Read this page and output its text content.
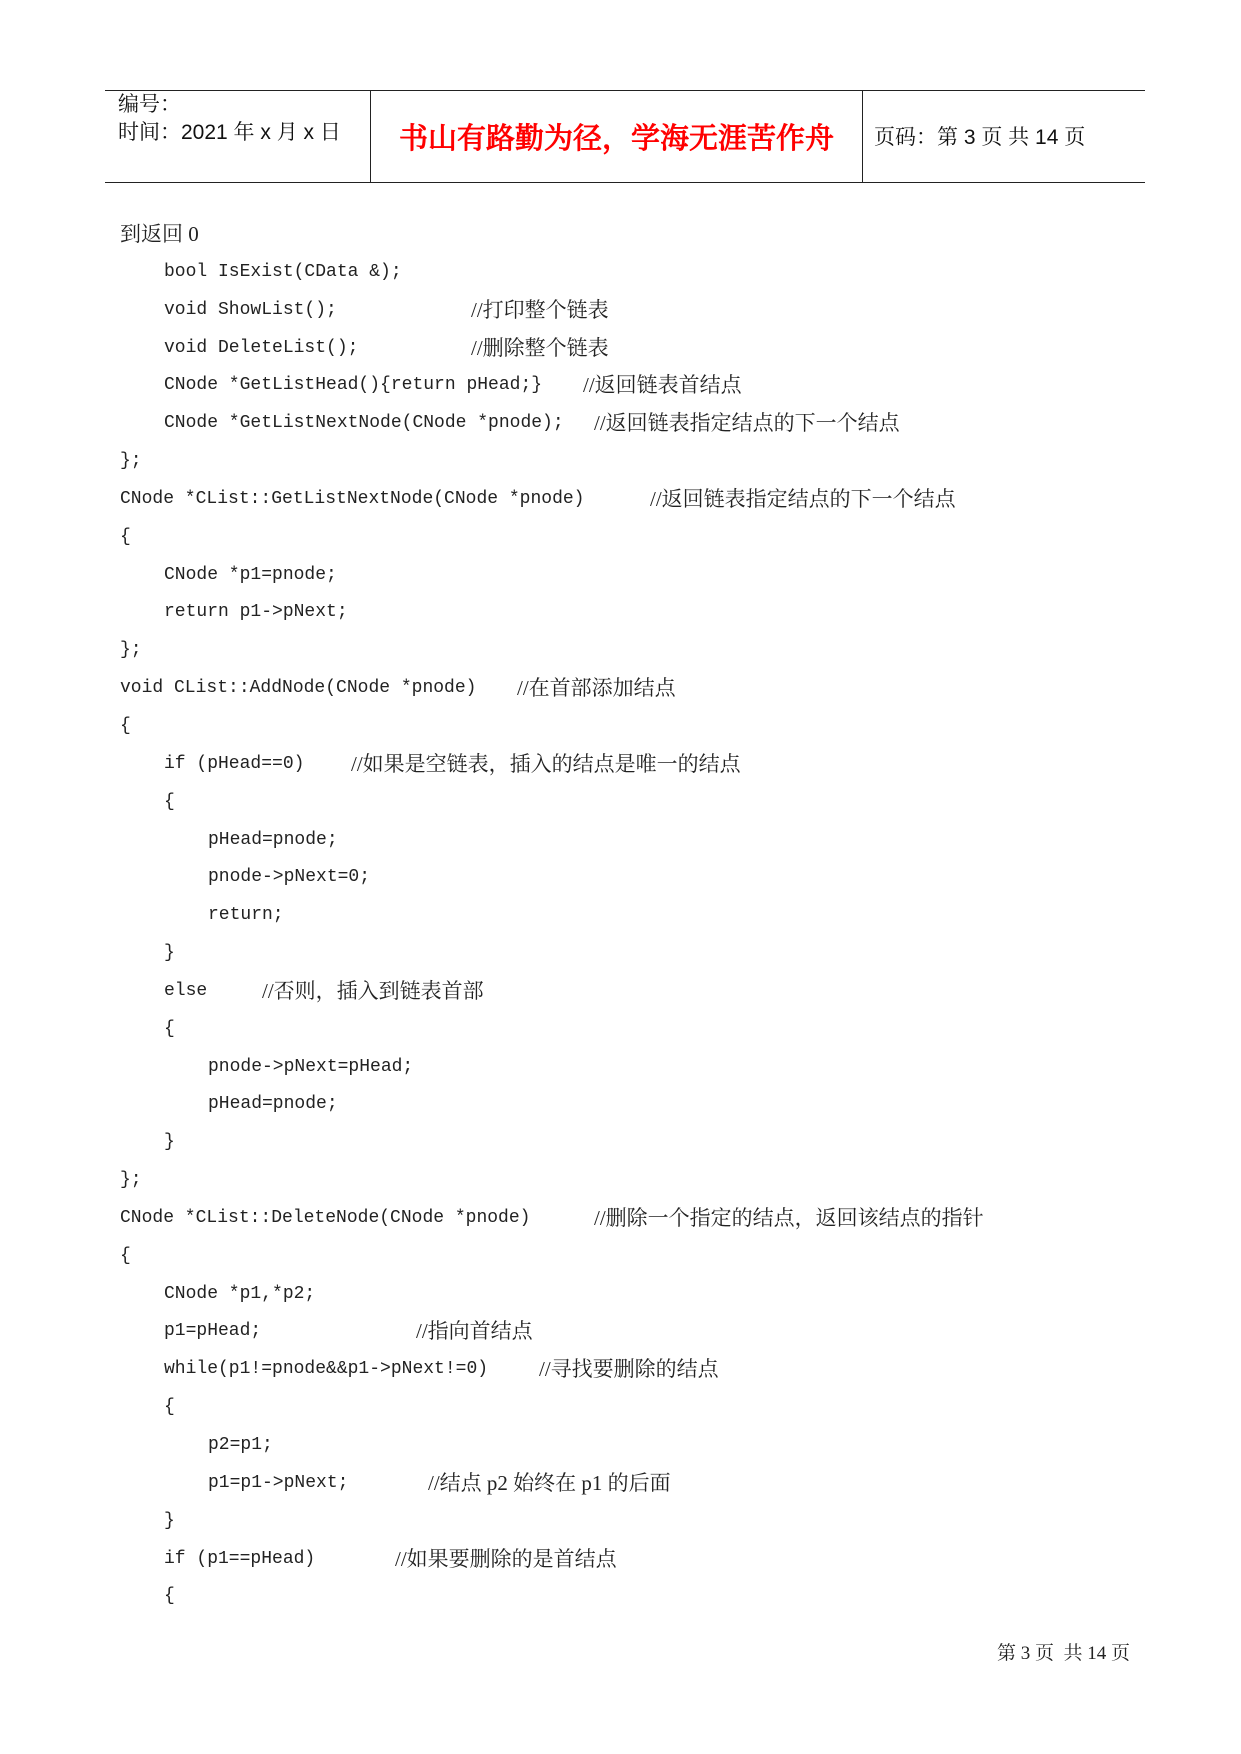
编号：
时间：2021 年 x 月 x 日	书山有路勤为径，学海无涯苦作舟	页码：第 3 页 共 14 页

到返回 0

bool IsExist(CData &);

void ShowList();

	//打印整个链表

void DeleteList();

	//删除整个链表

CNode *GetListHead(){return pHead;}

//返回链表首结点

CNode *GetListNextNode(CNode *pnode);

//返回链表指定结点的下一个结点

};

CNode *CList::GetListNextNode(CNode *pnode)

	//返回链表指定结点的下一个结点

{

CNode *p1=pnode;

return p1->pNext;

};

void CList::AddNode(CNode *pnode)

//在首部添加结点

{

if (pHead==0)

//如果是空链表，插入的结点是唯一的结点

{

pHead=pnode;

pnode->pNext=0;

return;

}

else

	//否则，插入到链表首部

{

pnode->pNext=pHead;

pHead=pnode;

}

};

CNode *CList::DeleteNode(CNode *pnode)

	//删除一个指定的结点，返回该结点的指针

{

CNode *p1,*p2;

p1=pHead;

	//指向首结点

while(p1!=pnode&&p1->pNext!=0)

//寻找要删除的结点

{

p2=p1;

p1=p1->pNext;

	//结点 p2 始终在 p1 的后面

}

if (p1==pHead)

	//如果要删除的是首结点

{

第 3 页  共 14 页
